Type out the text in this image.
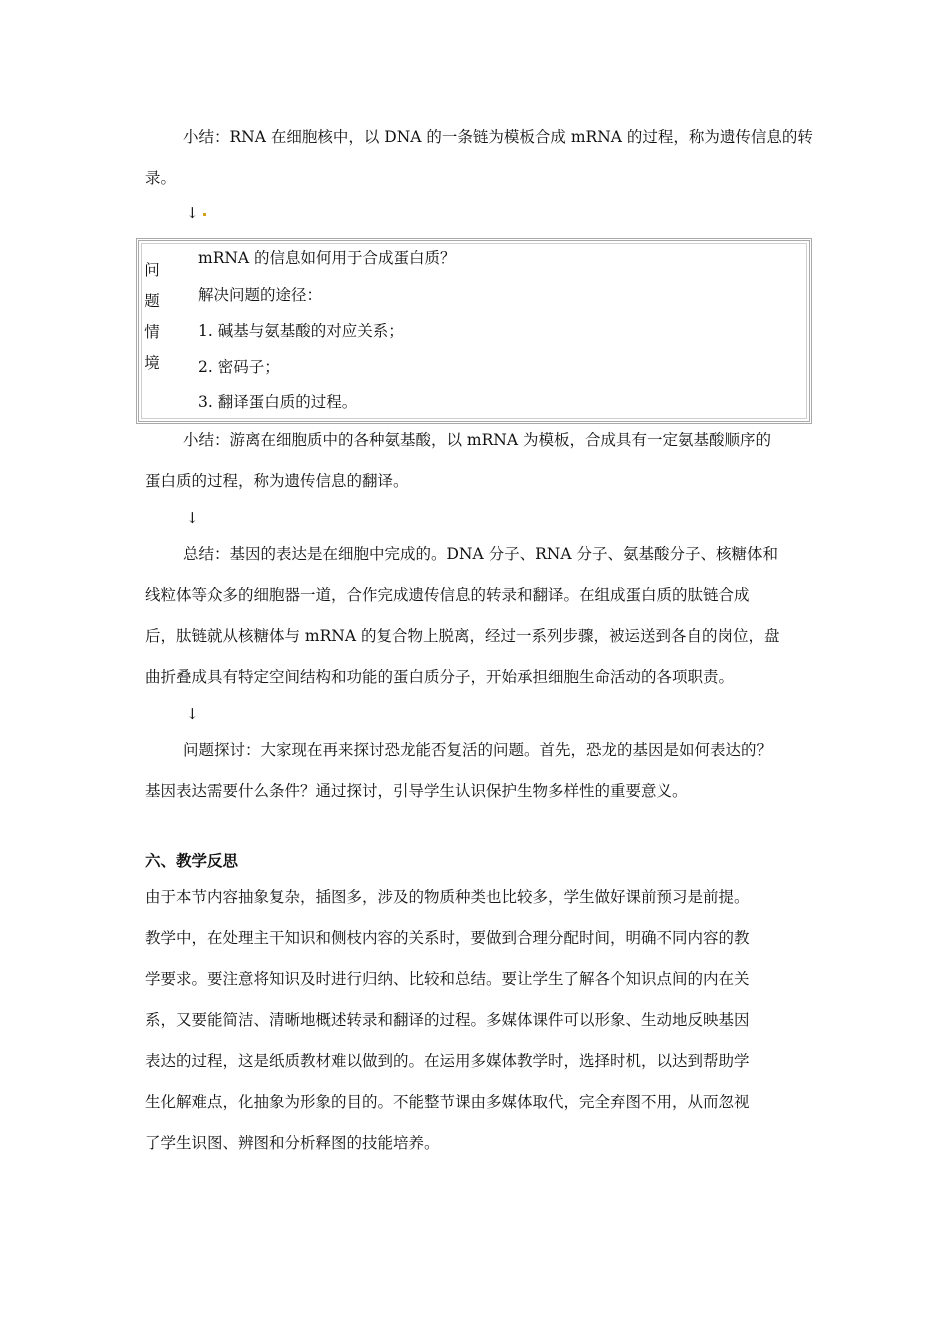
小结：RNA 在细胞核中，以 DNA 的一条链为模板合成 mRNA 的过程，称为遗传信息的转
录。
↓
问
题
情
境
mRNA 的信息如何用于合成蛋白质？
解决问题的途径：
1. 碱基与氨基酸的对应关系；
2. 密码子；
3. 翻译蛋白质的过程。
小结：游离在细胞质中的各种氨基酸，以 mRNA 为模板，合成具有一定氨基酸顺序的
蛋白质的过程，称为遗传信息的翻译。
↓
总结：基因的表达是在细胞中完成的。DNA 分子、RNA 分子、氨基酸分子、核糖体和
线粒体等众多的细胞器一道，合作完成遗传信息的转录和翻译。在组成蛋白质的肽链合成
后，肽链就从核糖体与 mRNA 的复合物上脱离，经过一系列步骤，被运送到各自的岗位，盘
曲折叠成具有特定空间结构和功能的蛋白质分子，开始承担细胞生命活动的各项职责。
↓
问题探讨：大家现在再来探讨恐龙能否复活的问题。首先，恐龙的基因是如何表达的？
基因表达需要什么条件？通过探讨，引导学生认识保护生物多样性的重要意义。
六、教学反思
由于本节内容抽象复杂，插图多，涉及的物质种类也比较多，学生做好课前预习是前提。
教学中，在处理主干知识和侧枝内容的关系时，要做到合理分配时间，明确不同内容的教
学要求。要注意将知识及时进行归纳、比较和总结。要让学生了解各个知识点间的内在关
系，又要能简洁、清晰地概述转录和翻译的过程。多媒体课件可以形象、生动地反映基因
表达的过程，这是纸质教材难以做到的。在运用多媒体教学时，选择时机，以达到帮助学
生化解难点，化抽象为形象的目的。不能整节课由多媒体取代，完全弃图不用，从而忽视
了学生识图、辨图和分析释图的技能培养。
